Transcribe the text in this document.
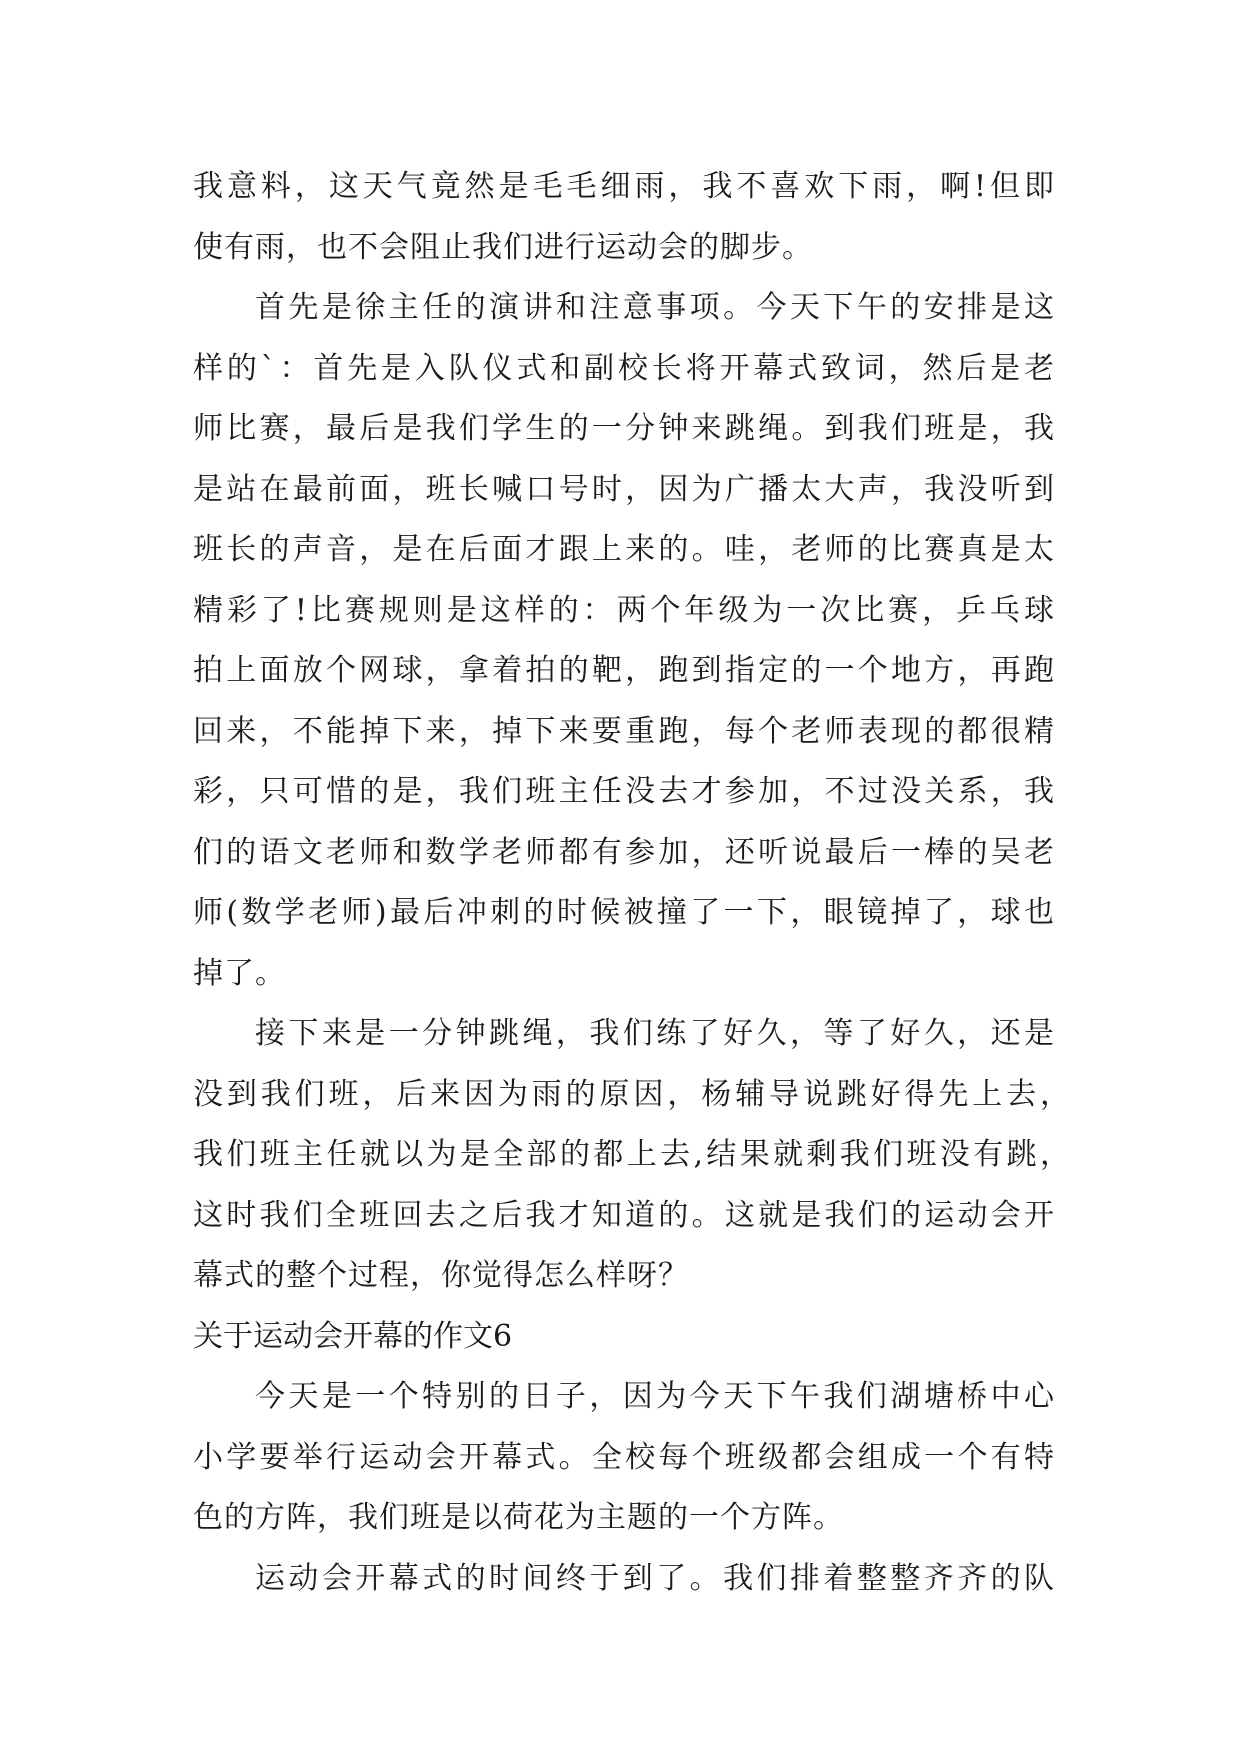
我意料，这天气竟然是毛毛细雨，我不喜欢下雨，啊!但即
使有雨，也不会阻止我们进行运动会的脚步。
首先是徐主任的演讲和注意事项。今天下午的安排是这
样的`：首先是入队仪式和副校长将开幕式致词，然后是老
师比赛，最后是我们学生的一分钟来跳绳。到我们班是，我
是站在最前面，班长喊口号时，因为广播太大声，我没听到
班长的声音，是在后面才跟上来的。哇，老师的比赛真是太
精彩了!比赛规则是这样的：两个年级为一次比赛，乒乓球
拍上面放个网球，拿着拍的靶，跑到指定的一个地方，再跑
回来，不能掉下来，掉下来要重跑，每个老师表现的都很精
彩，只可惜的是，我们班主任没去才参加，不过没关系，我
们的语文老师和数学老师都有参加，还听说最后一棒的吴老
师(数学老师)最后冲刺的时候被撞了一下，眼镜掉了，球也
掉了。
接下来是一分钟跳绳，我们练了好久，等了好久，还是
没到我们班，后来因为雨的原因，杨辅导说跳好得先上去，
我们班主任就以为是全部的都上去,结果就剩我们班没有跳，
这时我们全班回去之后我才知道的。这就是我们的运动会开
幕式的整个过程，你觉得怎么样呀？
关于运动会开幕的作文6
今天是一个特别的日子，因为今天下午我们湖塘桥中心
小学要举行运动会开幕式。全校每个班级都会组成一个有特
色的方阵，我们班是以荷花为主题的一个方阵。
运动会开幕式的时间终于到了。我们排着整整齐齐的队
